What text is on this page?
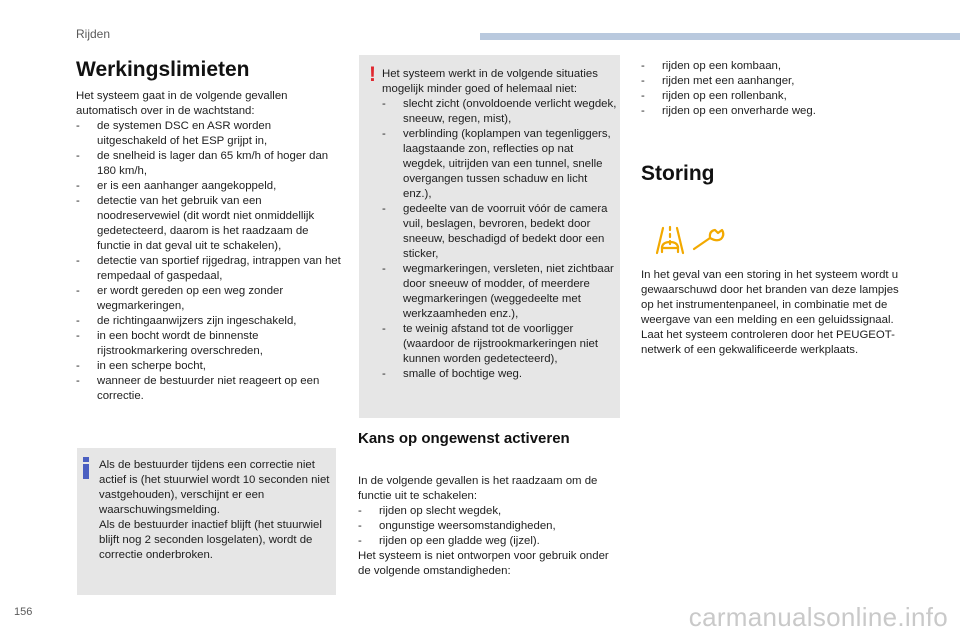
Rijden
Werkingslimieten

Het systeem gaat in de volgende gevallen automatisch over in de wachtstand:

- de systemen DSC en ASR worden uitgeschakeld of het ESP grijpt in,
- de snelheid is lager dan 65 km/h of hoger dan 180 km/h,
- er is een aanhanger aangekoppeld,
- detectie van het gebruik van een noodreservewiel (dit wordt niet onmiddellijk gedetecteerd, daarom is het raadzaam de functie in dat geval uit te schakelen),
- detectie van sportief rijgedrag, intrappen van het rempedaal of gaspedaal,
- er wordt gereden op een weg zonder wegmarkeringen,
- de richtingaanwijzers zijn ingeschakeld,
- in een bocht wordt de binnenste rijstrookmarkering overschreden,
- in een scherpe bocht,
- wanneer de bestuurder niet reageert op een correctie.

Als de bestuurder tijdens een correctie niet actief is (het stuurwiel wordt 10 seconden niet vastgehouden), verschijnt er een waarschuwingsmelding.

Als de bestuurder inactief blijft (het stuurwiel blijft nog 2 seconden losgelaten), wordt de correctie onderbroken.

! Het systeem werkt in de volgende situaties mogelijk minder goed of helemaal niet:

- slecht zicht (onvoldoende verlicht wegdek, sneeuw, regen, mist),
- verblinding (koplampen van tegenliggers, laagstaande zon, reflecties op nat wegdek, uitrijden van een tunnel, snelle overgangen tussen schaduw en licht enz.),
- gedeelte van de voorruit vóór de camera vuil, beslagen, bevroren, bedekt door sneeuw, beschadigd of bedekt door een sticker,
- wegmarkeringen, versleten, niet zichtbaar door sneeuw of modder, of meerdere wegmarkeringen (weggedeelte met werkzaamheden enz.),
- te weinig afstand tot de voorligger (waardoor de rijstrookmarkeringen niet kunnen worden gedetecteerd),
- smalle of bochtige weg.
Kans op ongewenst activeren

In de volgende gevallen is het raadzaam om de functie uit te schakelen:

- rijden op slecht wegdek,
- ongunstige weersomstandigheden,
- rijden op een gladde weg (ijzel).

Het systeem is niet ontworpen voor gebruik onder de volgende omstandigheden:

- rijden op een kombaan,
- rijden met een aanhanger,
- rijden op een rollenbank,
- rijden op een onverharde weg.
Storing

In het geval van een storing in het systeem wordt u gewaarschuwd door het branden van deze lampjes op het instrumentenpaneel, in combinatie met de weergave van een melding en een geluidssignaal.

Laat het systeem controleren door het PEUGEOT-netwerk of een gekwalificeerde werkplaats.

156	carmanualsonline.info
